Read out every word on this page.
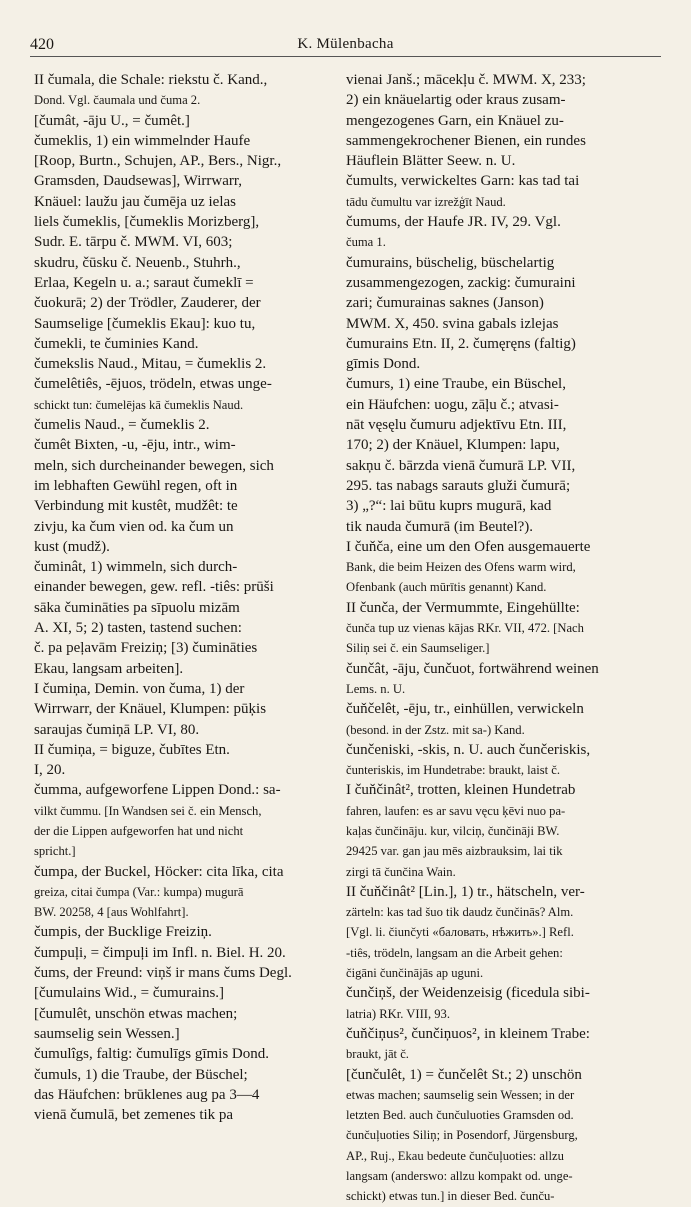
420	K. Mülenbacha
II čumala, die Schale: riekstu č. Kand.,
Dond. Vgl. čaumala und čuma 2.
[čumât, -āju U., = čumêt.]
čumeklis, 1) ein wimmelnder Haufe
[Roop, Burtn., Schujen, AP., Bers., Nigr.,
Gramsden, Daudsewas], Wirrwarr,
Knäuel: laužu jau čumēja uz ielas
liels čumeklis, [čumeklis Morizberg],
Sudr. E. tārpu č. MWM. VI, 603;
skudru, čūsku č. Neuenb., Stuhrh.,
Erlaa, Kegeln u. a.; saraut čumeklī =
čuokurā; 2) der Trödler, Zauderer, der
Saumselige [čumeklis Ekau]: kuo tu,
čumekli, te čuminies Kand.
čumekslis Naud., Mitau, = čumeklis 2.
čumelêtiês, -ējuos, trödeln, etwas unge-
schickt tun: čumelējas kā čumeklis Naud.
čumelis Naud., = čumeklis 2.
čumêt Bixten, -u, -ēju, intr., wim-
meln, sich durcheinander bewegen, sich
im lebhaften Gewühl regen, oft in
Verbindung mit kustêt, mudžêt: te
zivju, ka čum vien od. ka čum un
kust (mudž).
čuminât, 1) wimmeln, sich durch-
einander bewegen, gew. refl. -tiês: prūši
sāka čumināties pa sīpuolu mizām
A. XI, 5; 2) tasten, tastend suchen:
č. pa peļavām Freiziņ; [3) čumināties
Ekau, langsam arbeiten].
I čumiņa, Demin. von čuma, 1) der
Wirrwarr, der Knäuel, Klumpen: pūķis
saraujas čumiņā LP. VI, 80.
II čumiņa, = biguze, čubītes Etn.
I, 20.
čumma, aufgeworfene Lippen Dond.: sa-
vilkt čummu. [In Wandsen sei č. ein Mensch,
der die Lippen aufgeworfen hat und nicht
spricht.]
čumpa, der Buckel, Höcker: cita līka, cita
greiza, citai čumpa (Var.: kumpa) mugurā
BW. 20258, 4 [aus Wohlfahrt].
čumpis, der Bucklige Freiziņ.
čumpuļi, = čimpuļi im Infl. n. Biel. H. 20.
čums, der Freund: viņš ir mans čums Degl.
[čumulains Wid., = čumurains.]
[čumulêt, unschön etwas machen;
saumselig sein Wessen.]
čumulîgs, faltig: čumulīgs gīmis Dond.
čumuls, 1) die Traube, der Büschel;
das Häufchen: brūklenes aug pa 3—4
vienā čumulā, bet zemenes tik pa
vienai Janš.; mācekļu č. MWM. X, 233;
2) ein knäuelartig oder kraus zusam-
mengezogenes Garn, ein Knäuel zu-
sammengekrochener Bienen, ein rundes
Häuflein Blätter Seew. n. U.
čumults, verwickeltes Garn: kas tad tai
tādu čumultu var izrežģīt Naud.
čumums, der Haufe JR. IV, 29. Vgl.
čuma 1.
čumurains, büschelig, büschelartig
zusammengezogen, zackig: čumuraini
zari; čumurainas saknes (Janson)
MWM. X, 450. svina gabals izlejas
čumurains Etn. II, 2. čumęręns (faltig)
gīmis Dond.
čumurs, 1) eine Traube, ein Büschel,
ein Häufchen: uogu, zāļu č.; atvasi-
nāt vęsęlu čumuru adjektīvu Etn. III,
170; 2) der Knäuel, Klumpen: lapu,
sakņu č. bārzda vienā čumurā LP. VII,
295. tas nabags sarauts gluži čumurā;
3) „?“: lai būtu kuprs mugurā, kad
tik nauda čumurā (im Beutel?).
I čuňča, eine um den Ofen ausgemauerte
Bank, die beim Heizen des Ofens warm wird,
Ofenbank (auch mūrītis genannt) Kand.
II čunča, der Vermummte, Eingehüllte:
čunča tup uz vienas kājas RKr. VII, 472. [Nach
Siliņ sei č. ein Saumseliger.]
čunčât, -āju, čunčuot, fortwährend weinen
Lems. n. U.
čuňčelêt, -ēju, tr., einhüllen, verwickeln
(besond. in der Zstz. mit sa-) Kand.
čunčeniski, -skis, n. U. auch čunčeriskis,
čunteriskis, im Hundetrabe: braukt, laist č.
I čuňčinât², trotten, kleinen Hundetrab
fahren, laufen: es ar savu vęcu ķēvi nuo pa-
kaļas čunčināju. kur, vilciņ, čunčināji BW.
29425 var. gan jau mēs aizbrauksim, lai tik
zirgi tā čunčina Wain.
II čuňčinât² [Lin.], 1) tr., hätscheln, ver-
zärteln: kas tad šuo tik daudz čunčinās? Alm.
[Vgl. li. čiunčyti «баловать, нѣжить».] Refl.
-tiês, trödeln, langsam an die Arbeit gehen:
čigāni čunčinājās ap uguni.
čunčiņš, der Weidenzeisig (ficedula sibi-
latria) RKr. VIII, 93.
čuňčiņus², čunčiņuos², in kleinem Trabe:
braukt, jāt č.
[čunčulêt, 1) = čunčelêt St.; 2) unschön
etwas machen; saumselig sein Wessen; in der
letzten Bed. auch čunčuluoties Gramsden od.
čunčuļuoties Siliņ; in Posendorf, Jürgensburg,
AP., Ruj., Ekau bedeute čunčuļuoties: allzu
langsam (anderswo: allzu kompakt od. unge-
schickt) etwas tun.] in dieser Bed. čunču-
